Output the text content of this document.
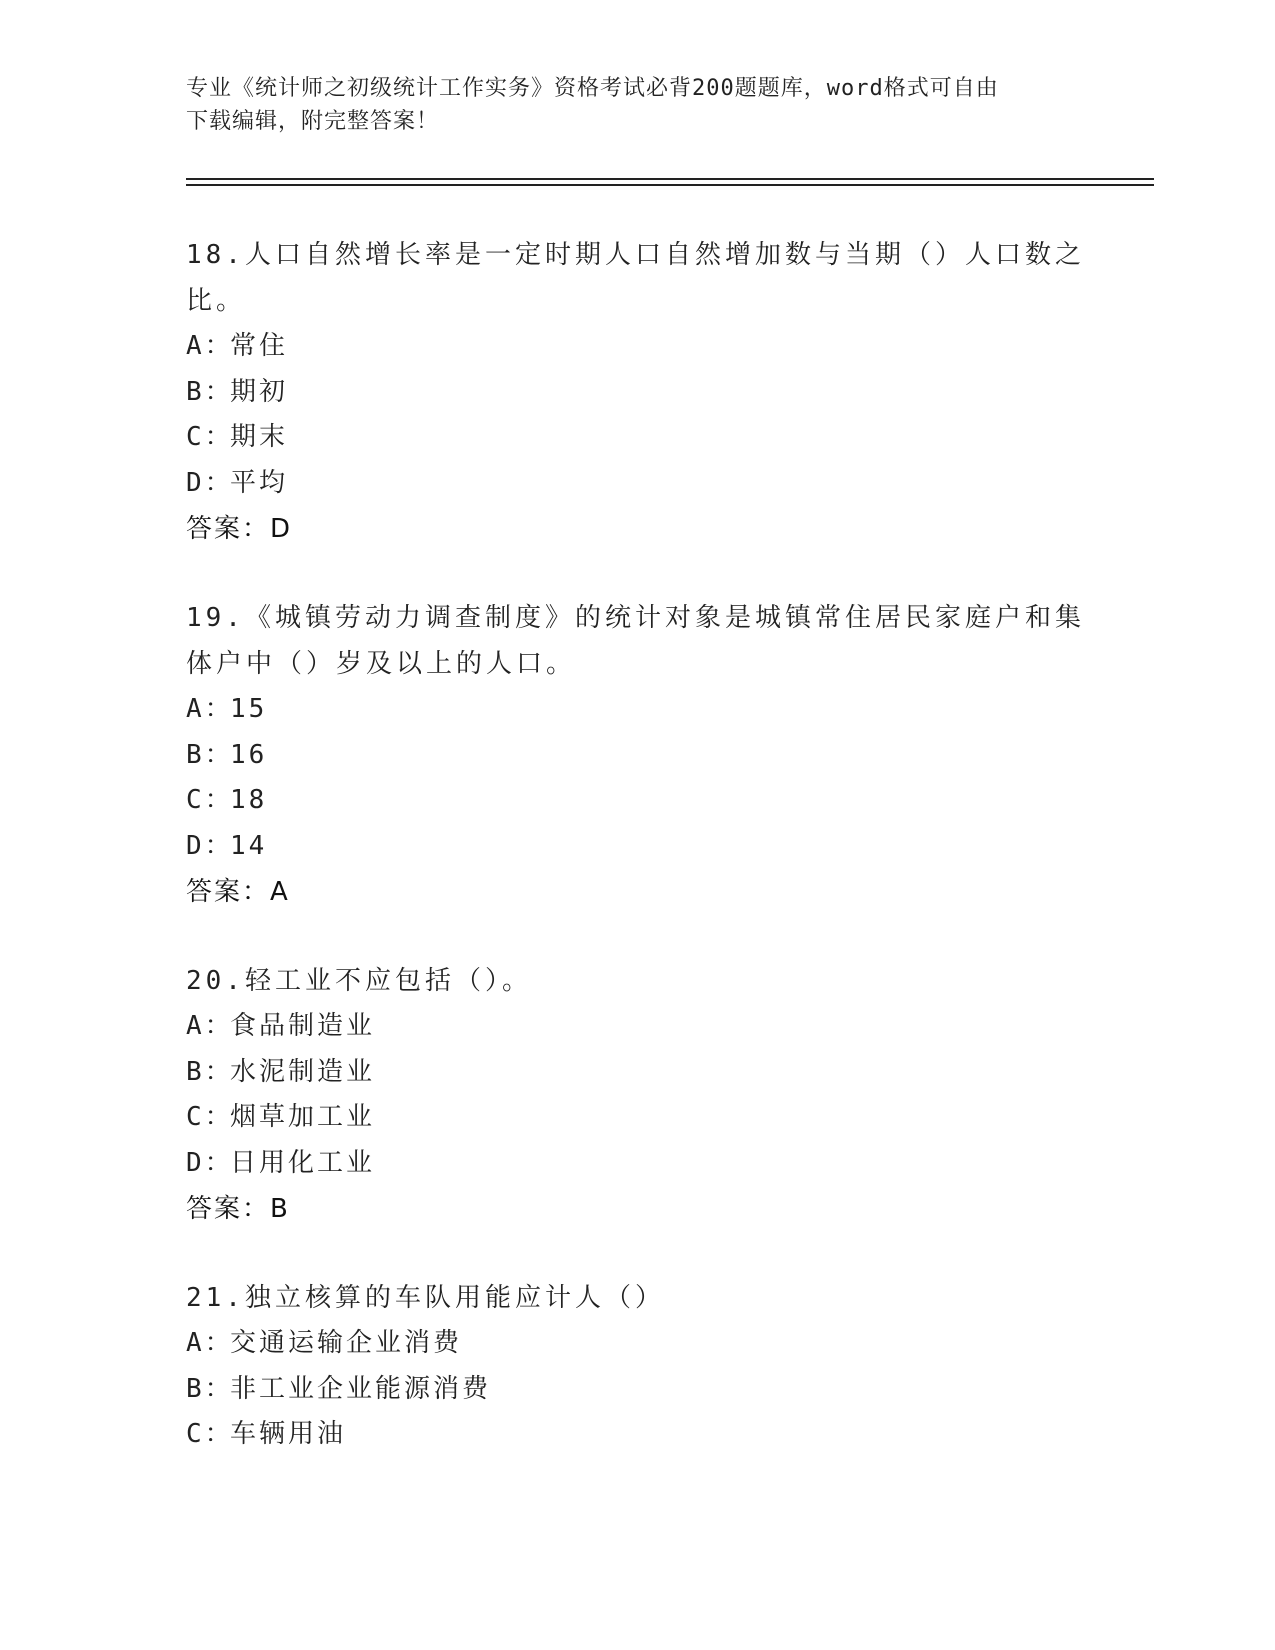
专业《统计师之初级统计工作实务》资格考试必背200题题库，word格式可自由
下载编辑，附完整答案！
18.人口自然增长率是一定时期人口自然增加数与当期（）人口数之比。
A：常住
B：期初
C：期末
D：平均
答案：D
19.《城镇劳动力调查制度》的统计对象是城镇常住居民家庭户和集体户中（）岁及以上的人口。
A：15
B：16
C：18
D：14
答案：A
20.轻工业不应包括（）。
A：食品制造业
B：水泥制造业
C：烟草加工业
D：日用化工业
答案：B
21.独立核算的车队用能应计人（）
A：交通运输企业消费
B：非工业企业能源消费
C：车辆用油
